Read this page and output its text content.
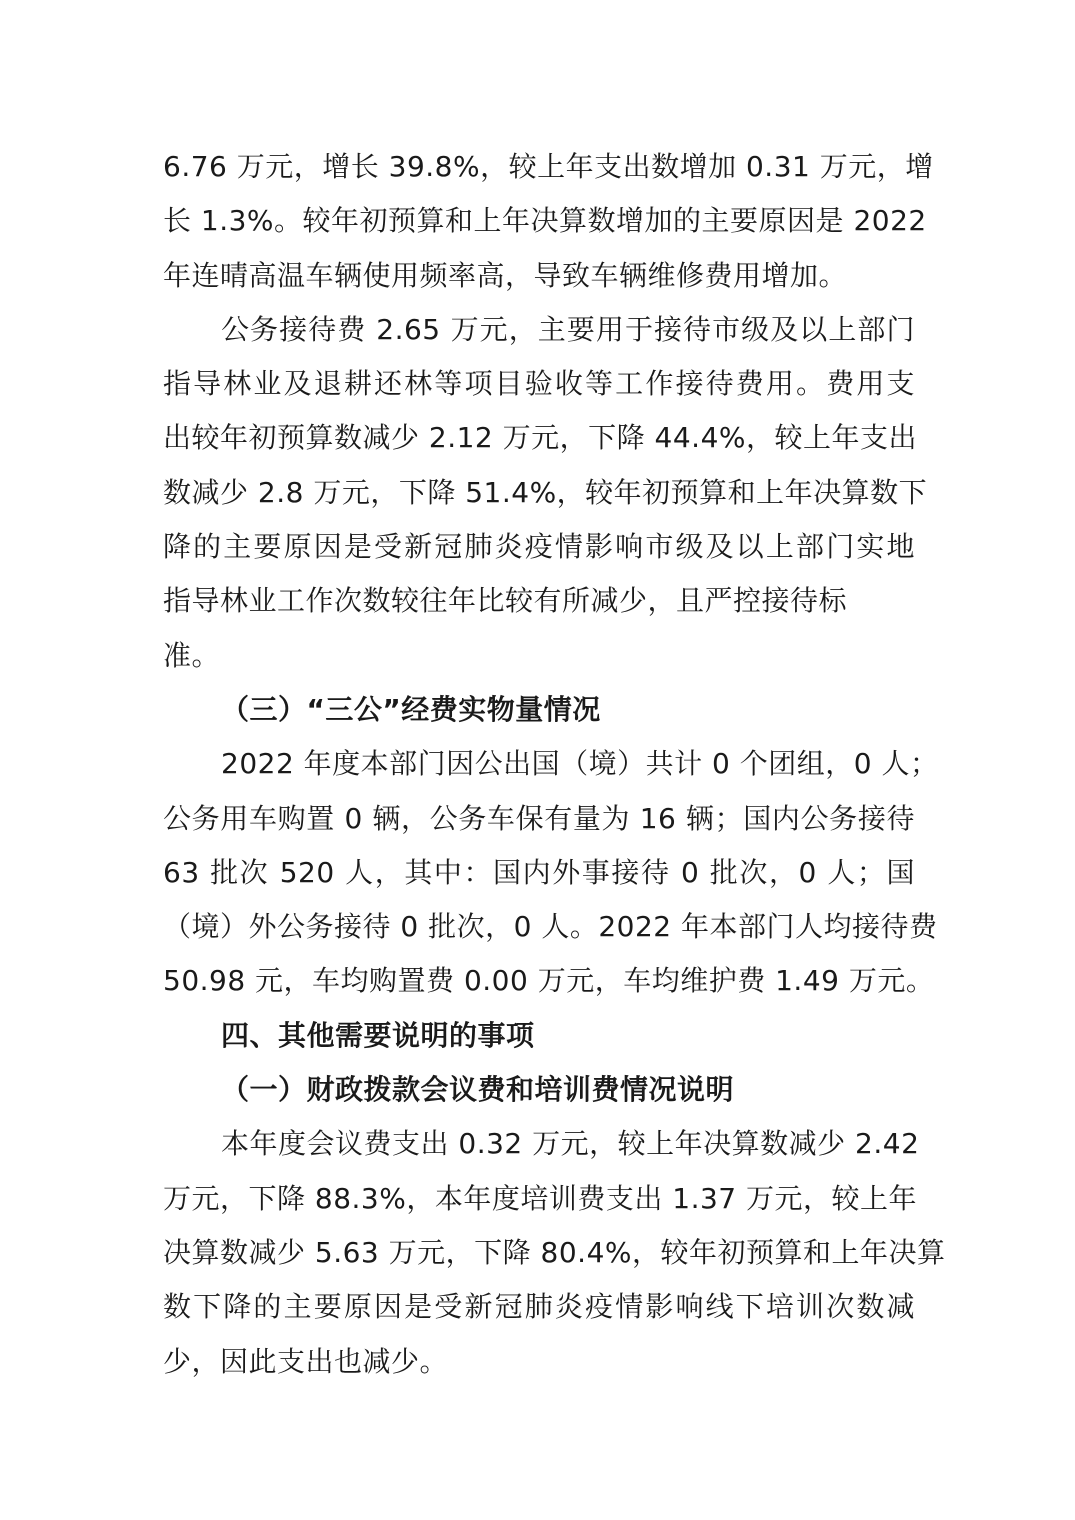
6.76 万元，增长 39.8%，较上年支出数增加 0.31 万元，增
长 1.3%。较年初预算和上年决算数增加的主要原因是 2022
年连晴高温车辆使用频率高，导致车辆维修费用增加。
公务接待费 2.65 万元，主要用于接待市级及以上部门
指导林业及退耕还林等项目验收等工作接待费用。费用支
出较年初预算数减少 2.12 万元，下降 44.4%，较上年支出
数减少 2.8 万元，下降 51.4%，较年初预算和上年决算数下
降的主要原因是受新冠肺炎疫情影响市级及以上部门实地
指导林业工作次数较往年比较有所减少，且严控接待标
准。
（三）“三公”经费实物量情况
2022 年度本部门因公出国（境）共计 0 个团组，0 人；
公务用车购置 0 辆，公务车保有量为 16 辆；国内公务接待
63 批次 520 人，其中：国内外事接待 0 批次，0 人；国
（境）外公务接待 0 批次，0 人。2022 年本部门人均接待费
50.98 元，车均购置费 0.00 万元，车均维护费 1.49 万元。
四、其他需要说明的事项
（一）财政拨款会议费和培训费情况说明
本年度会议费支出 0.32 万元，较上年决算数减少 2.42
万元，下降 88.3%，本年度培训费支出 1.37 万元，较上年
决算数减少 5.63 万元，下降 80.4%，较年初预算和上年决算
数下降的主要原因是受新冠肺炎疫情影响线下培训次数减
少，因此支出也减少。
